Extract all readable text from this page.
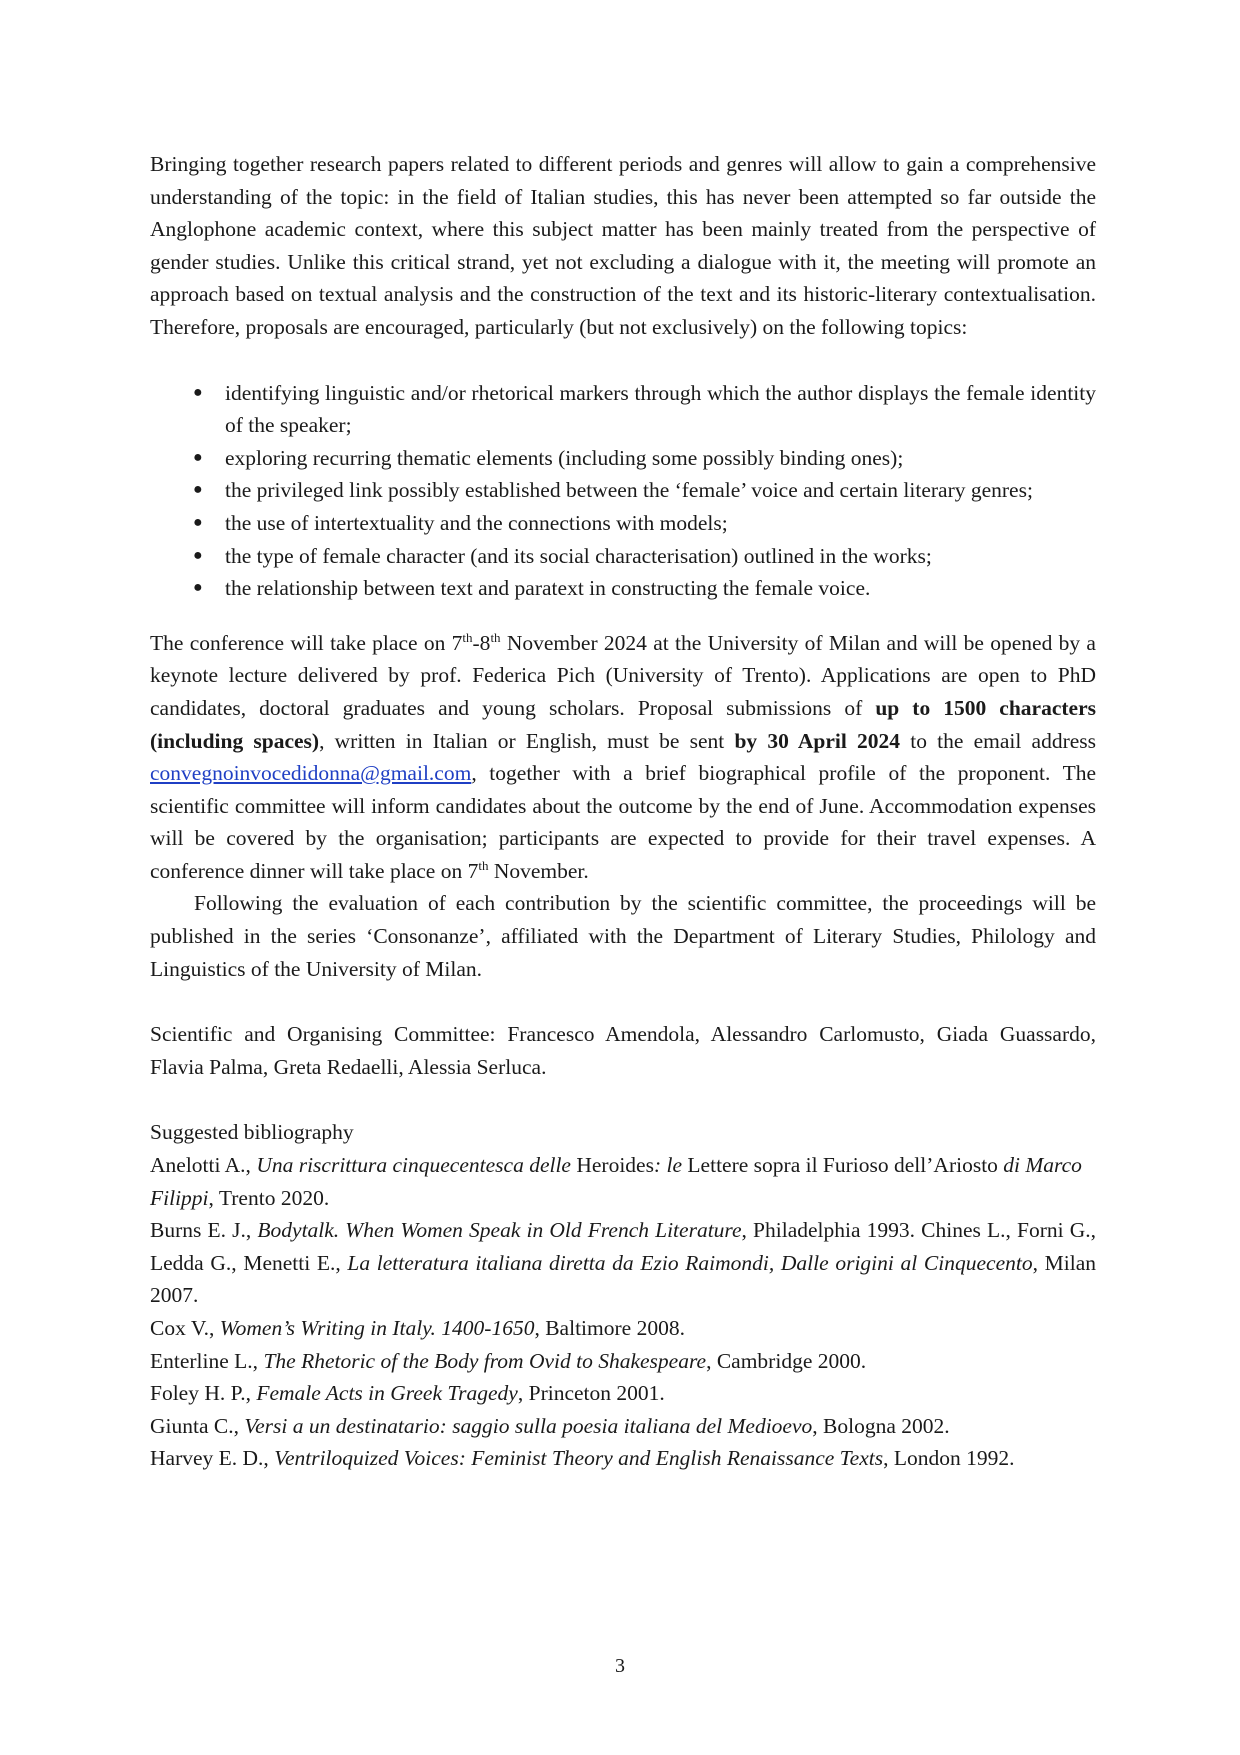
Bringing together research papers related to different periods and genres will allow to gain a comprehensive understanding of the topic: in the field of Italian studies, this has never been attempted so far outside the Anglophone academic context, where this subject matter has been mainly treated from the perspective of gender studies. Unlike this critical strand, yet not excluding a dialogue with it, the meeting will promote an approach based on textual analysis and the construction of the text and its historic-literary contextualisation. Therefore, proposals are encouraged, particularly (but not exclusively) on the following topics:

● identifying linguistic and/or rhetorical markers through which the author displays the female identity of the speaker;
● exploring recurring thematic elements (including some possibly binding ones);
● the privileged link possibly established between the ‘female’ voice and certain literary genres;
● the use of intertextuality and the connections with models;
● the type of female character (and its social characterisation) outlined in the works;
● the relationship between text and paratext in constructing the female voice.

The conference will take place on 7th-8th November 2024 at the University of Milan and will be opened by a keynote lecture delivered by prof. Federica Pich (University of Trento). Applications are open to PhD candidates, doctoral graduates and young scholars. Proposal submissions of up to 1500 characters (including spaces), written in Italian or English, must be sent by 30 April 2024 to the email address convegnoinvocedidonna@gmail.com, together with a brief biographical profile of the proponent. The scientific committee will inform candidates about the outcome by the end of June. Accommodation expenses will be covered by the organisation; participants are expected to provide for their travel expenses. A conference dinner will take place on 7th November.

Following the evaluation of each contribution by the scientific committee, the proceedings will be published in the series ‘Consonanze’, affiliated with the Department of Literary Studies, Philology and Linguistics of the University of Milan.

Scientific and Organising Committee: Francesco Amendola, Alessandro Carlomusto, Giada Guassardo, Flavia Palma, Greta Redaelli, Alessia Serluca.

Suggested bibliography

Anelotti A., Una riscrittura cinquecentesca delle Heroides: le Lettere sopra il Furioso dell’Ariosto di Marco Filippi, Trento 2020.

Burns E. J., Bodytalk. When Women Speak in Old French Literature, Philadelphia 1993. Chines L., Forni G., Ledda G., Menetti E., La letteratura italiana diretta da Ezio Raimondi, Dalle origini al Cinquecento, Milan 2007.

Cox V., Women’s Writing in Italy. 1400-1650, Baltimore 2008.

Enterline L., The Rhetoric of the Body from Ovid to Shakespeare, Cambridge 2000.

Foley H. P., Female Acts in Greek Tragedy, Princeton 2001.

Giunta C., Versi a un destinatario: saggio sulla poesia italiana del Medioevo, Bologna 2002.

Harvey E. D., Ventriloquized Voices: Feminist Theory and English Renaissance Texts, London 1992.

3
